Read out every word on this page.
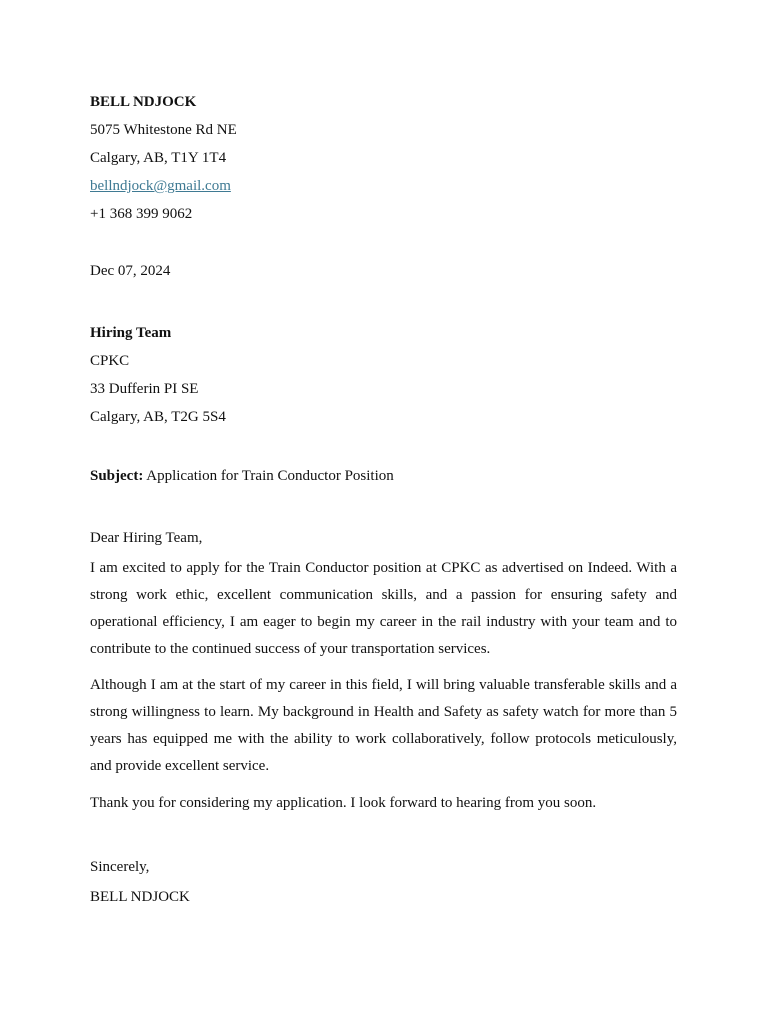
BELL NDJOCK
5075 Whitestone Rd NE
Calgary, AB, T1Y 1T4
bellndjock@gmail.com
+1 368 399 9062
Dec 07, 2024
Hiring Team
CPKC
33 Dufferin PI SE
Calgary, AB, T2G 5S4
Subject: Application for Train Conductor Position
Dear Hiring Team,

I am excited to apply for the Train Conductor position at CPKC as advertised on Indeed. With a strong work ethic, excellent communication skills, and a passion for ensuring safety and operational efficiency, I am eager to begin my career in the rail industry with your team and to contribute to the continued success of your transportation services.

Although I am at the start of my career in this field, I will bring valuable transferable skills and a strong willingness to learn. My background in Health and Safety as safety watch for more than 5 years has equipped me with the ability to work collaboratively, follow protocols meticulously, and provide excellent service.

Thank you for considering my application. I look forward to hearing from you soon.

Sincerely,
BELL NDJOCK
